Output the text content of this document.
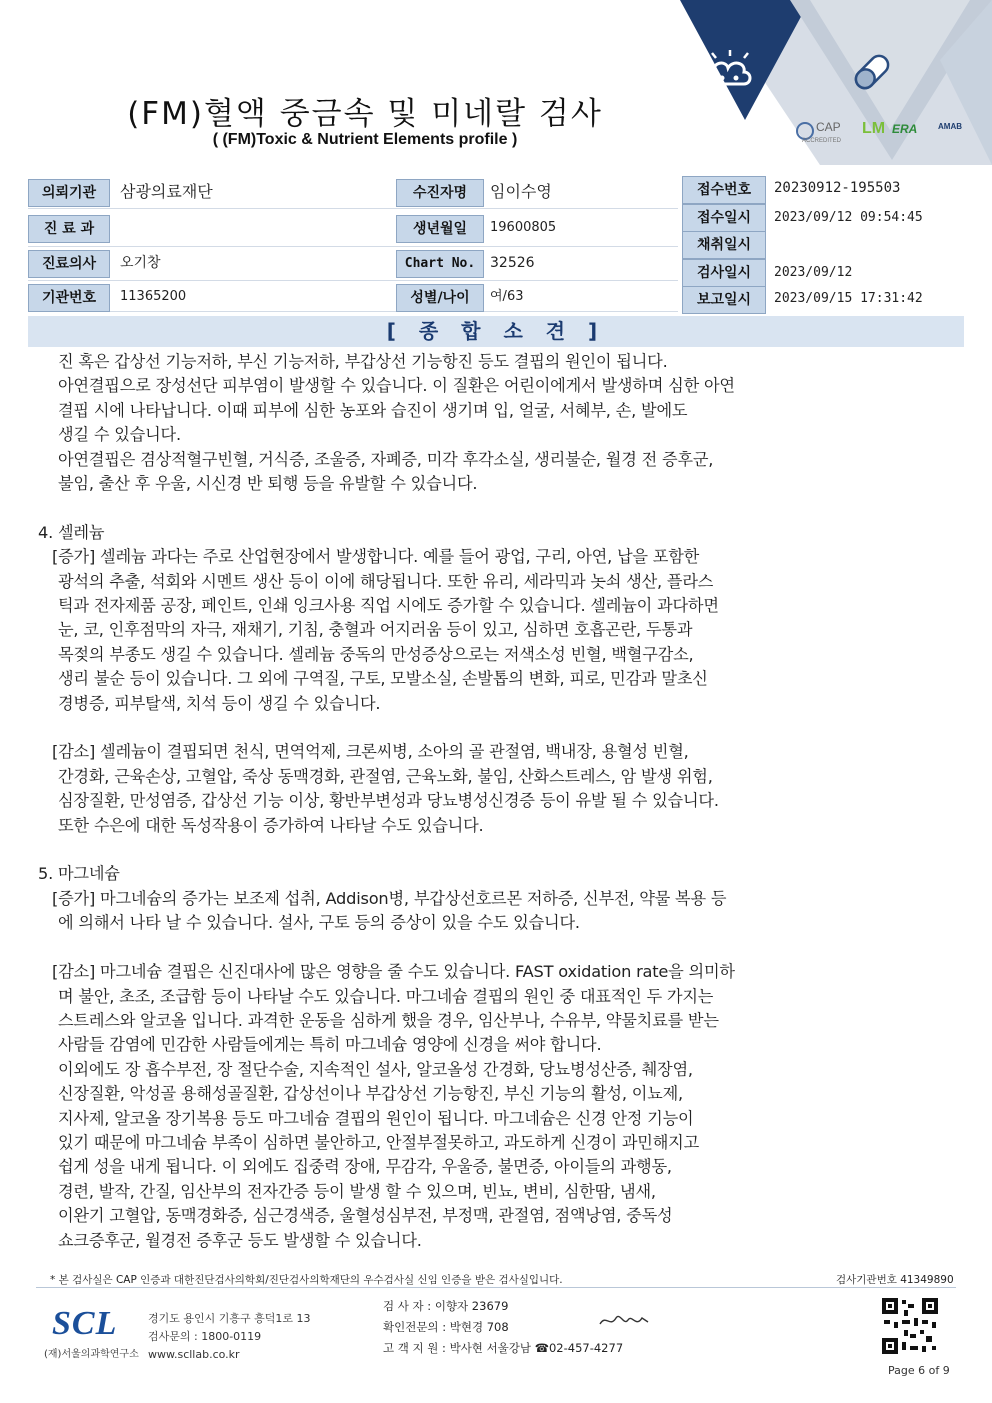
(FM)혈액 중금속 및 미네랄 검사
( (FM)Toxic & Nutrient Elements profile )
CAP
ACCREDITED
LM ERA	AMAB
의뢰기관	삼광의료재단
진 료 과
진료의사	오기창
기관번호	11365200
수진자명	임이수영
생년월일	19600805
Chart No.	32526
성별/나이	여/63
접수번호	20230912-195503
접수일시	2023/09/12 09:54:45
채취일시
검사일시	2023/09/12
보고일시	2023/09/15 17:31:42
[ 종 합 소 견 ]
진 혹은 갑상선 기능저하, 부신 기능저하, 부갑상선 기능항진 등도 결핍의 원인이 됩니다.
아연결핍으로 장성선단 피부염이 발생할 수 있습니다. 이 질환은 어린이에게서 발생하며 심한 아연
결핍 시에 나타납니다. 이때 피부에 심한 농포와 습진이 생기며 입, 얼굴, 서혜부, 손, 발에도
생길 수 있습니다.
아연결핍은 겸상적혈구빈혈, 거식증, 조울증, 자폐증, 미각 후각소실, 생리불순, 월경 전 증후군,
불임, 출산 후 우울, 시신경 반 퇴행 등을 유발할 수 있습니다.
4. 셀레늄
[증가] 셀레늄 과다는 주로 산업현장에서 발생합니다. 예를 들어 광업, 구리, 아연, 납을 포함한
광석의 추출, 석회와 시멘트 생산 등이 이에 해당됩니다. 또한 유리, 세라믹과 놋쇠 생산, 플라스
틱과 전자제품 공장, 페인트, 인쇄 잉크사용 직업 시에도 증가할 수 있습니다. 셀레늄이 과다하면
눈, 코, 인후점막의 자극, 재채기, 기침, 충혈과 어지러움 등이 있고, 심하면 호흡곤란, 두통과
목젖의 부종도 생길 수 있습니다. 셀레늄 중독의 만성증상으로는 저색소성 빈혈, 백혈구감소,
생리 불순 등이 있습니다. 그 외에 구역질, 구토, 모발소실, 손발톱의 변화, 피로, 민감과 말초신
경병증, 피부탈색, 치석 등이 생길 수 있습니다.
[감소] 셀레늄이 결핍되면 천식, 면역억제, 크론씨병, 소아의 골 관절염, 백내장, 용혈성 빈혈,
간경화, 근육손상, 고혈압, 죽상 동맥경화, 관절염, 근육노화, 불임, 산화스트레스, 암 발생 위험,
심장질환, 만성염증, 갑상선 기능 이상, 황반부변성과 당뇨병성신경증 등이 유발 될 수 있습니다.
또한 수은에 대한 독성작용이 증가하여 나타날 수도 있습니다.
5. 마그네슘
[증가] 마그네슘의 증가는 보조제 섭취, Addison병, 부갑상선호르몬 저하증, 신부전, 약물 복용 등
에 의해서 나타 날 수 있습니다. 설사, 구토 등의 증상이 있을 수도 있습니다.
[감소] 마그네슘 결핍은 신진대사에 많은 영향을 줄 수도 있습니다. FAST oxidation rate을 의미하
며 불안, 초조, 조급함 등이 나타날 수도 있습니다. 마그네슘 결핍의 원인 중 대표적인 두 가지는
스트레스와 알코올 입니다. 과격한 운동을 심하게 했을 경우, 임산부나, 수유부, 약물치료를 받는
사람들 감염에 민감한 사람들에게는 특히 마그네슘 영양에 신경을 써야 합니다.
이외에도 장 흡수부전, 장 절단수술, 지속적인 설사, 알코올성 간경화, 당뇨병성산증, 췌장염,
신장질환, 악성골 용해성골질환, 갑상선이나 부갑상선 기능항진, 부신 기능의 활성, 이뇨제,
지사제, 알코올 장기복용 등도 마그네슘 결핍의 원인이 됩니다. 마그네슘은 신경 안정 기능이
있기 때문에 마그네슘 부족이 심하면 불안하고, 안절부절못하고, 과도하게 신경이 과민해지고
쉽게 성을 내게 됩니다. 이 외에도 집중력 장애, 무감각, 우울증, 불면증, 아이들의 과행동,
경련, 발작, 간질, 임산부의 전자간증 등이 발생 할 수 있으며, 빈뇨, 변비, 심한땀, 냄새,
이완기 고혈압, 동맥경화증, 심근경색증, 울혈성심부전, 부정맥, 관절염, 점액낭염, 중독성
쇼크증후군, 월경전 증후군 등도 발생할 수 있습니다.
* 본 검사실은 CAP 인증과 대한진단검사의학회/진단검사의학재단의 우수검사실 신임 인증을 받은 검사실입니다.	검사기관번호 41349890
SCL
(재)서울의과학연구소
경기도 용인시 기흥구 흥덕1로 13
검사문의 : 1800-0119
www.scllab.co.kr
검 사 자 : 이향자 23679
확인전문의 : 박현경 708
고 객 지 원 : 박사현 서울강남 ☎02-457-4277
Page 6 of 9
